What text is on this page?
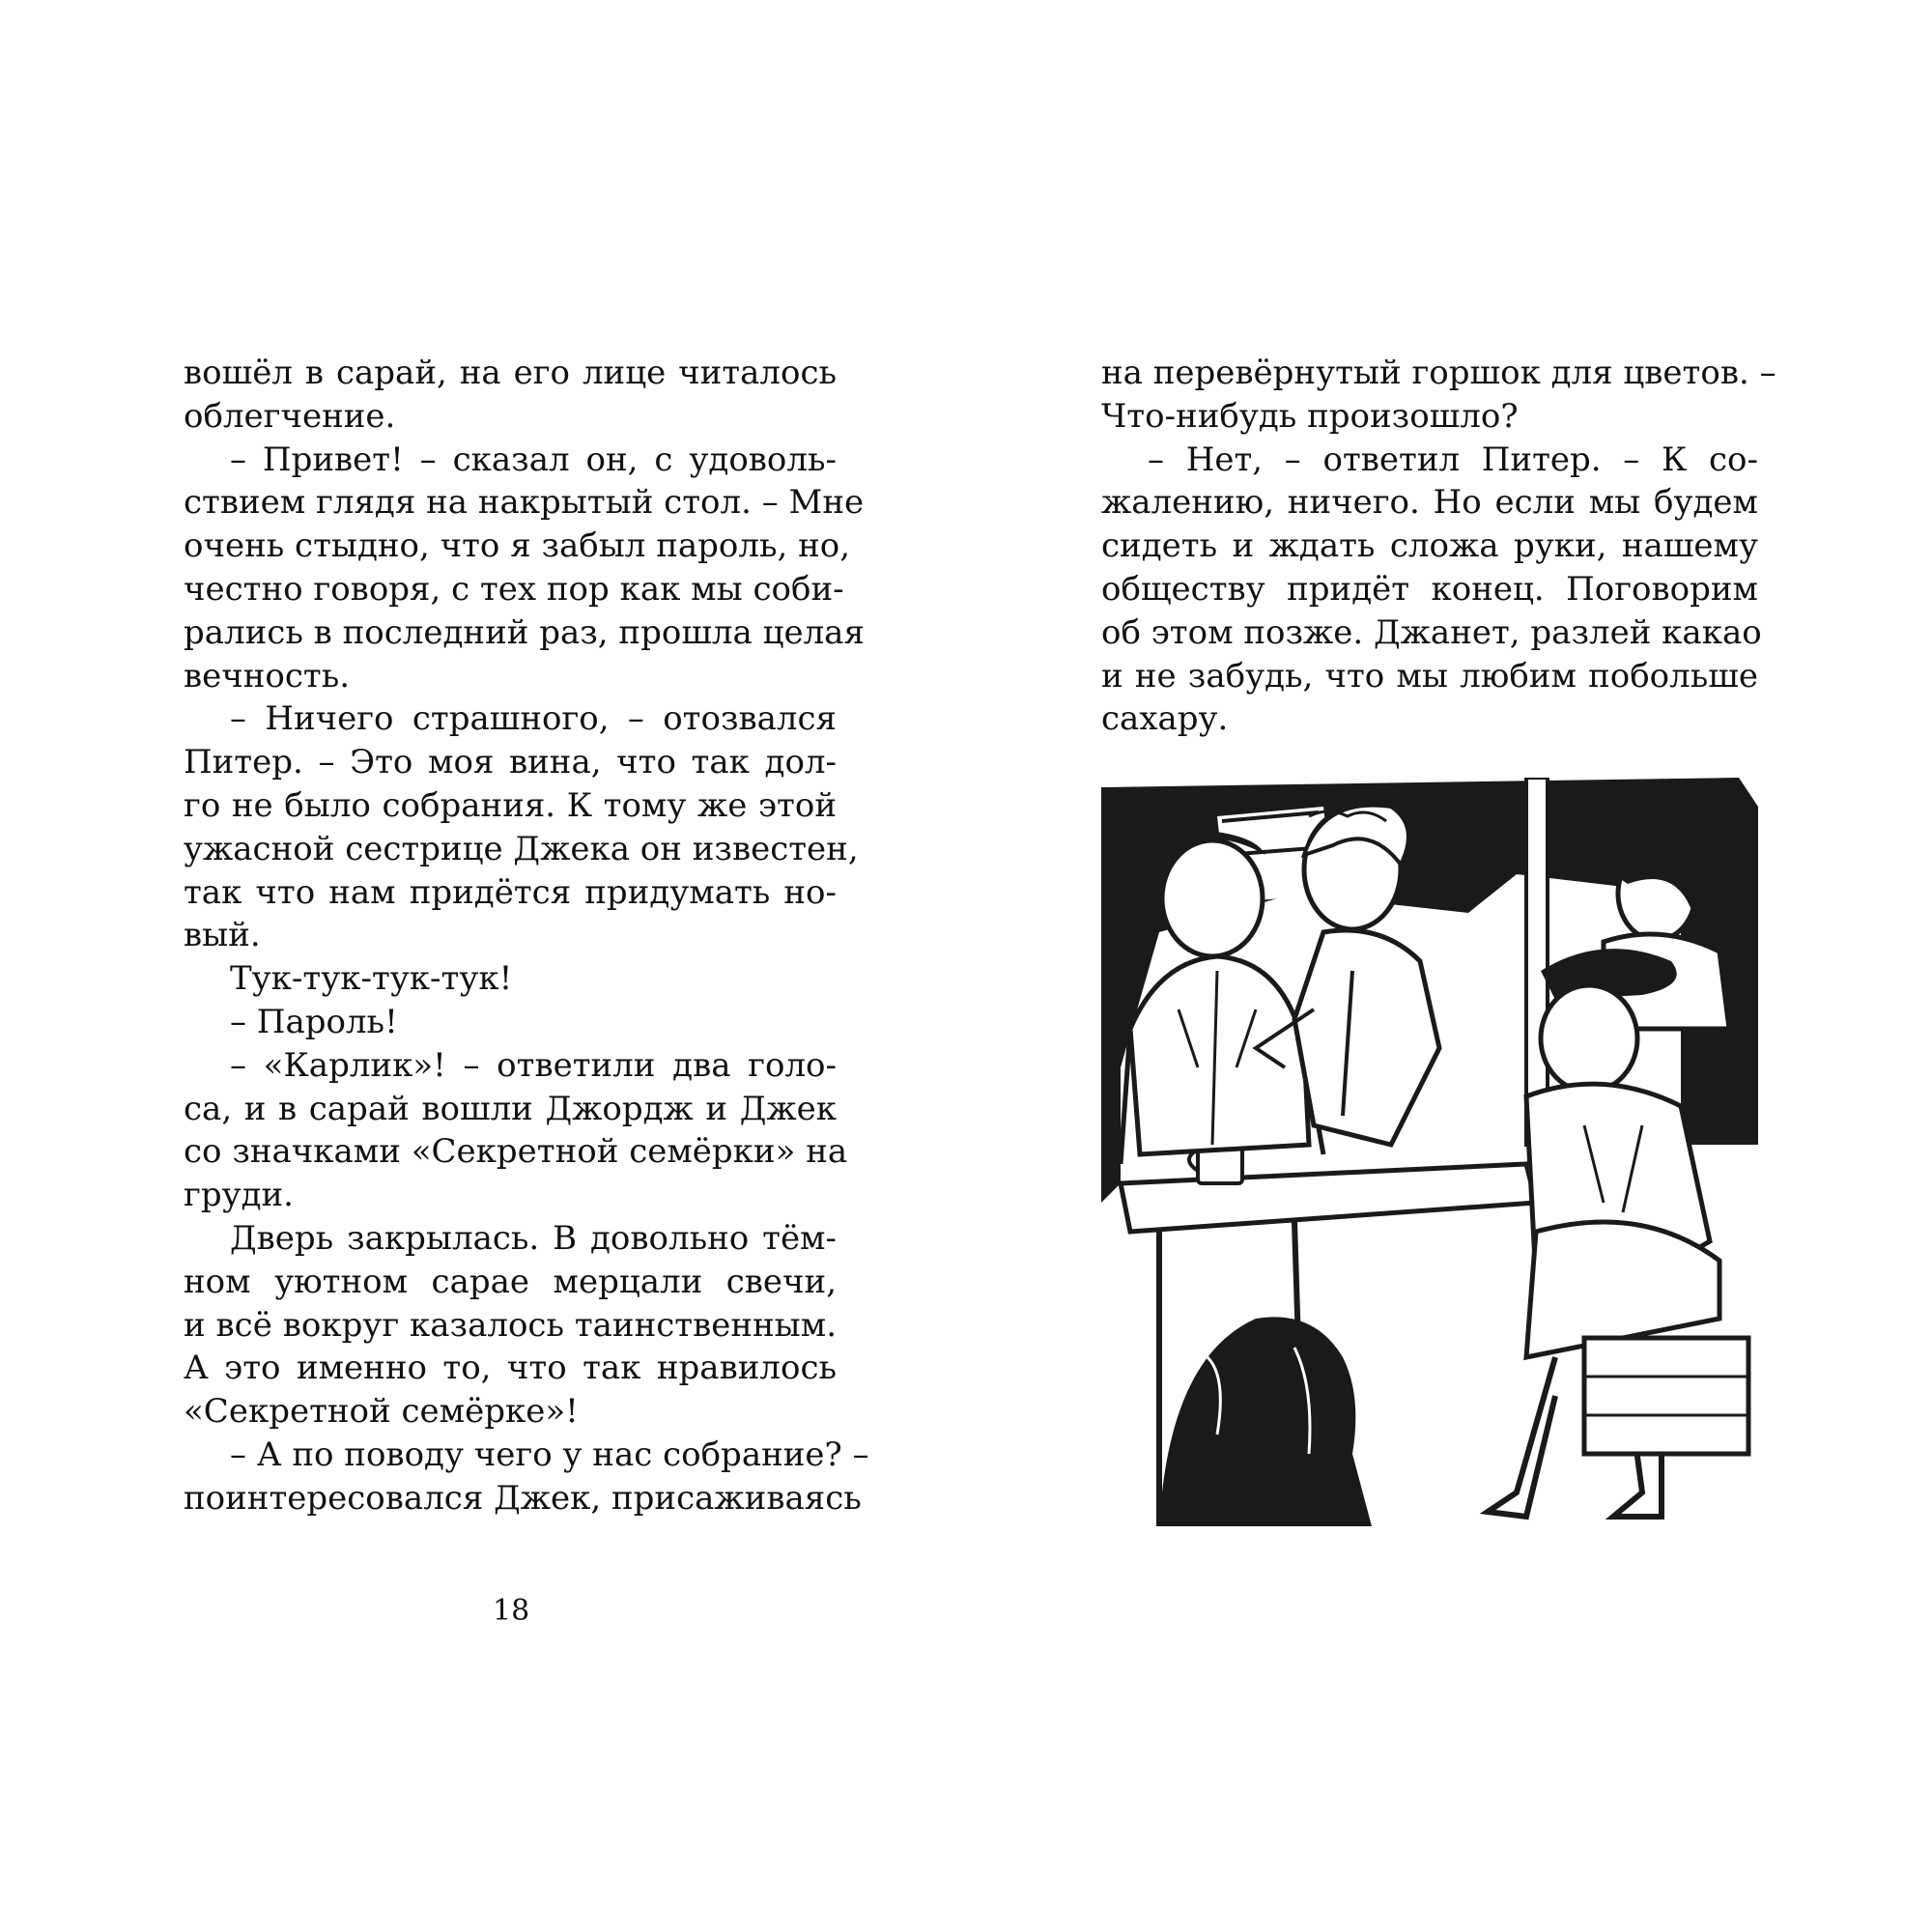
вошёл в сарай, на его лице читалось
облегчение.
– Привет! – сказал он, с удоволь-
ствием глядя на накрытый стол. – Мне
очень стыдно, что я забыл пароль, но,
честно говоря, с тех пор как мы соби-
рались в последний раз, прошла целая
вечность.
– Ничего страшного, – отозвался
Питер. – Это моя вина, что так дол-
го не было собрания. К тому же этой
ужасной сестрице Джека он известен,
так что нам придётся придумать но-
вый.
Тук-тук-тук-тук!
– Пароль!
– «Карлик»! – ответили два голо-
са, и в сарай вошли Джордж и Джек
со значками «Секретной семёрки» на
груди.
Дверь закрылась. В довольно тём-
ном уютном сарае мерцали свечи,
и всё вокруг казалось таинственным.
А это именно то, что так нравилось
«Секретной семёрке»!
– А по поводу чего у нас собрание? –
поинтересовался Джек, присаживаясь
18
на перевёрнутый горшок для цветов. –
Что-нибудь произошло?
– Нет, – ответил Питер. – К со-
жалению, ничего. Но если мы будем
сидеть и ждать сложа руки, нашему
обществу придёт конец. Поговорим
об этом позже. Джанет, разлей какао
и не забудь, что мы любим побольше
сахару.
